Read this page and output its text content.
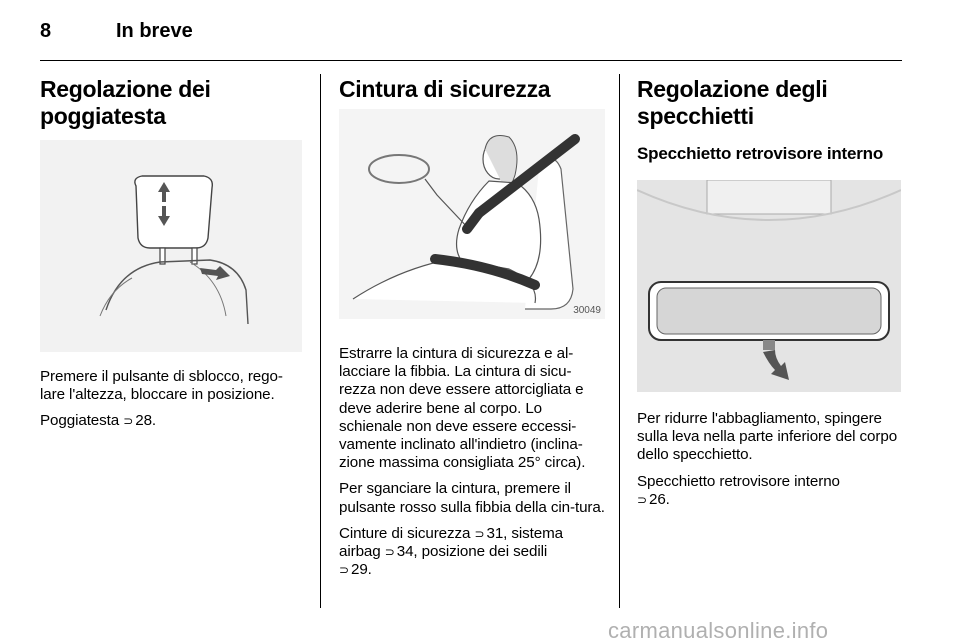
8	In breve
Regolazione dei
poggiatesta

Premere il pulsante di sblocco, rego-lare l'altezza, bloccare in posizione.

Poggiatesta ⊃ 28.

Cintura di sicurezza
30049

Estrarre la cintura di sicurezza e al-lacciare la fibbia. La cintura di sicu-rezza non deve essere attorcigliata e deve aderire bene al corpo. Lo schienale non deve essere eccessi-vamente inclinato all'indietro (inclina-zione massima consigliata 25° circa).

Per sganciare la cintura, premere il pulsante rosso sulla fibbia della cin-tura.

Cinture di sicurezza ⊃ 31, sistema
airbag ⊃ 34, posizione dei sedili
⊃ 29.

Regolazione degli
specchietti
Specchietto retrovisore interno

Per ridurre l'abbagliamento, spingere sulla leva nella parte inferiore del corpo dello specchietto.

Specchietto retrovisore interno
⊃ 26.

carmanualsonline.info
